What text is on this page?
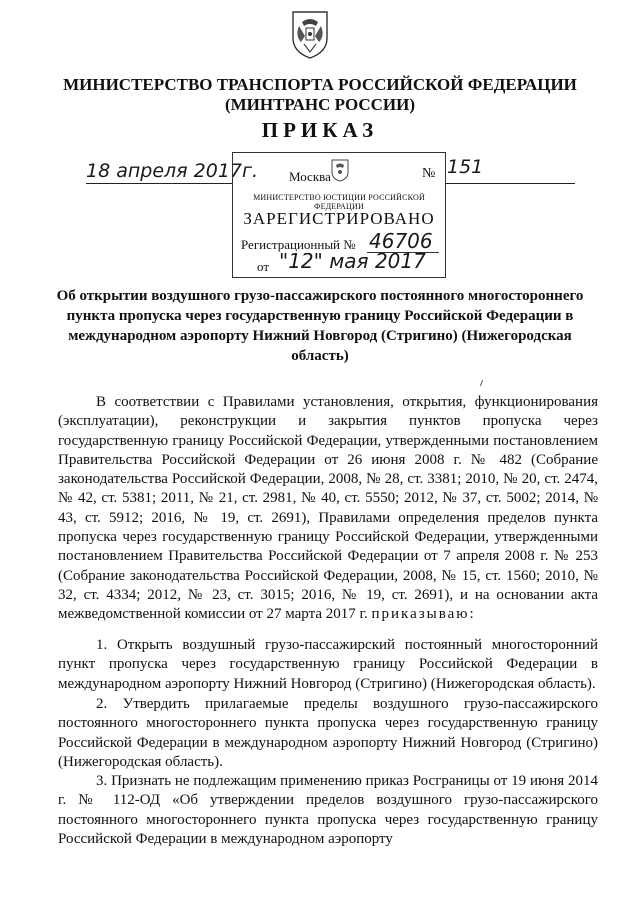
МИНИСТЕРСТВО ТРАНСПОРТА РОССИЙСКОЙ ФЕДЕРАЦИИ
(МИНТРАНС РОССИИ)
ПРИКАЗ
18 апреля 2017г.	№ 151
Москва
МИНИСТЕРСТВО ЮСТИЦИИ РОССИЙСКОЙ ФЕДЕРАЦИИ
ЗАРЕГИСТРИРОВАНО
Регистрационный № 46706
от "12" мая 2017
Об открытии воздушного грузо-пассажирского постоянного многостороннего пункта пропуска через государственную границу Российской Федерации в международном аэропорту Нижний Новгород (Стригино) (Нижегородская область)
В соответствии с Правилами установления, открытия, функционирования (эксплуатации), реконструкции и закрытия пунктов пропуска через государственную границу Российской Федерации, утвержденными постановлением Правительства Российской Федерации от 26 июня 2008 г. № 482 (Собрание законодательства Российской Федерации, 2008, № 28, ст. 3381; 2010, № 20, ст. 2474, № 42, ст. 5381; 2011, № 21, ст. 2981, № 40, ст. 5550; 2012, № 37, ст. 5002; 2014, № 43, ст. 5912; 2016, № 19, ст. 2691), Правилами определения пределов пункта пропуска через государственную границу Российской Федерации, утвержденными постановлением Правительства Российской Федерации от 7 апреля 2008 г. № 253 (Собрание законодательства Российской Федерации, 2008, № 15, ст. 1560; 2010, № 32, ст. 4334; 2012, № 23, ст. 3015; 2016, № 19, ст. 2691), и на основании акта межведомственной комиссии от 27 марта 2017 г. приказываю:
1. Открыть воздушный грузо-пассажирский постоянный многосторонний пункт пропуска через государственную границу Российской Федерации в международном аэропорту Нижний Новгород (Стригино) (Нижегородская область).
2. Утвердить прилагаемые пределы воздушного грузо-пассажирского постоянного многостороннего пункта пропуска через государственную границу Российской Федерации в международном аэропорту Нижний Новгород (Стригино) (Нижегородская область).
3. Признать не подлежащим применению приказ Росграницы от 19 июня 2014 г. № 112-ОД «Об утверждении пределов воздушного грузо-пассажирского постоянного многостороннего пункта пропуска через государственную границу Российской Федерации в международном аэропорту
